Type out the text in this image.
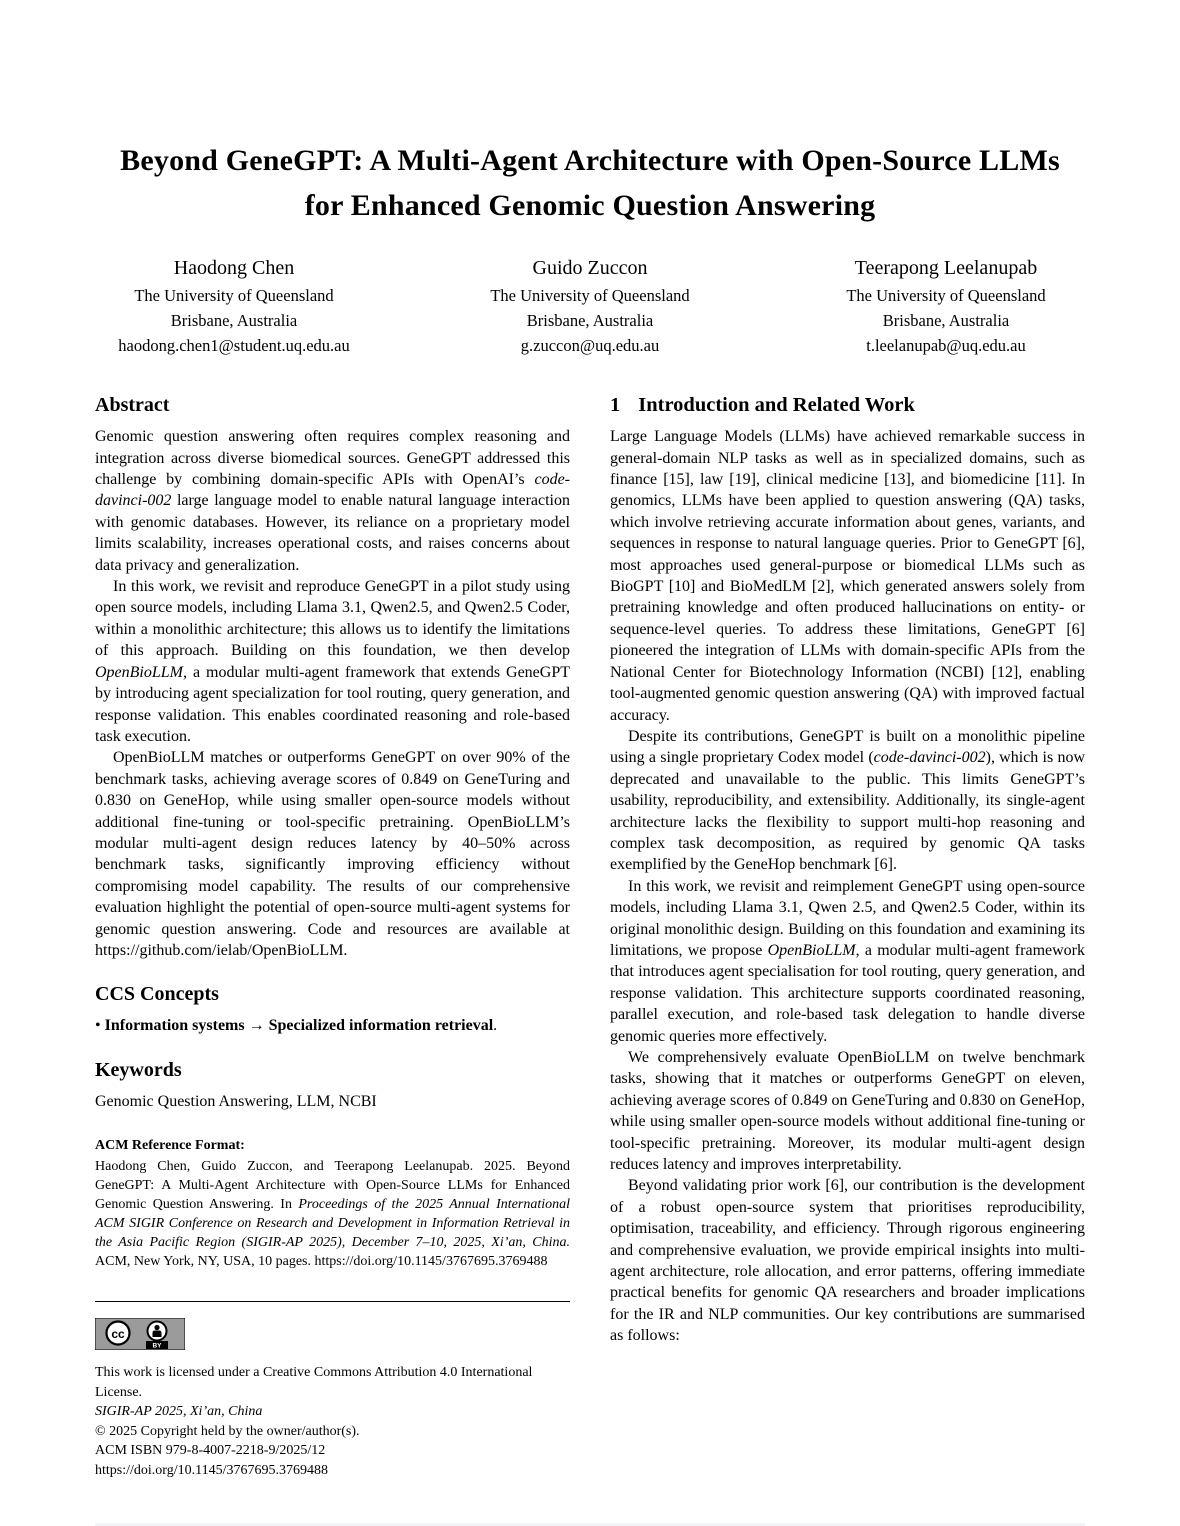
Beyond GeneGPT: A Multi-Agent Architecture with Open-Source LLMs for Enhanced Genomic Question Answering
Haodong Chen
The University of Queensland
Brisbane, Australia
haodong.chen1@student.uq.edu.au
Guido Zuccon
The University of Queensland
Brisbane, Australia
g.zuccon@uq.edu.au
Teerapong Leelanupab
The University of Queensland
Brisbane, Australia
t.leelanupab@uq.edu.au
Abstract

Genomic question answering often requires complex reasoning and integration across diverse biomedical sources. GeneGPT addressed this challenge by combining domain-specific APIs with OpenAI’s code-davinci-002 large language model to enable natural language interaction with genomic databases. However, its reliance on a proprietary model limits scalability, increases operational costs, and raises concerns about data privacy and generalization.

In this work, we revisit and reproduce GeneGPT in a pilot study using open source models, including Llama 3.1, Qwen2.5, and Qwen2.5 Coder, within a monolithic architecture; this allows us to identify the limitations of this approach. Building on this foundation, we then develop OpenBioLLM, a modular multi-agent framework that extends GeneGPT by introducing agent specialization for tool routing, query generation, and response validation. This enables coordinated reasoning and role-based task execution.

OpenBioLLM matches or outperforms GeneGPT on over 90% of the benchmark tasks, achieving average scores of 0.849 on GeneTuring and 0.830 on GeneHop, while using smaller open-source models without additional fine-tuning or tool-specific pretraining. OpenBioLLM’s modular multi-agent design reduces latency by 40–50% across benchmark tasks, significantly improving efficiency without compromising model capability. The results of our comprehensive evaluation highlight the potential of open-source multi-agent systems for genomic question answering. Code and resources are available at https://github.com/ielab/OpenBioLLM.

CCS Concepts

• Information systems → Specialized information retrieval.

Keywords

Genomic Question Answering, LLM, NCBI

ACM Reference Format:

Haodong Chen, Guido Zuccon, and Teerapong Leelanupab. 2025. Beyond GeneGPT: A Multi-Agent Architecture with Open-Source LLMs for Enhanced Genomic Question Answering. In Proceedings of the 2025 Annual International ACM SIGIR Conference on Research and Development in Information Retrieval in the Asia Pacific Region (SIGIR-AP 2025), December 7–10, 2025, Xi’an, China. ACM, New York, NY, USA, 10 pages. https://doi.org/10.1145/3767695.3769488

cc
BY
This work is licensed under a Creative Commons Attribution 4.0 International License.
SIGIR-AP 2025, Xi’an, China
© 2025 Copyright held by the owner/author(s).
ACM ISBN 979-8-4007-2218-9/2025/12
https://doi.org/10.1145/3767695.3769488
1 Introduction and Related Work

Large Language Models (LLMs) have achieved remarkable success in general-domain NLP tasks as well as in specialized domains, such as finance [15], law [19], clinical medicine [13], and biomedicine [11]. In genomics, LLMs have been applied to question answering (QA) tasks, which involve retrieving accurate information about genes, variants, and sequences in response to natural language queries. Prior to GeneGPT [6], most approaches used general-purpose or biomedical LLMs such as BioGPT [10] and BioMedLM [2], which generated answers solely from pretraining knowledge and often produced hallucinations on entity- or sequence-level queries. To address these limitations, GeneGPT [6] pioneered the integration of LLMs with domain-specific APIs from the National Center for Biotechnology Information (NCBI) [12], enabling tool-augmented genomic question answering (QA) with improved factual accuracy.

Despite its contributions, GeneGPT is built on a monolithic pipeline using a single proprietary Codex model (code-davinci-002), which is now deprecated and unavailable to the public. This limits GeneGPT’s usability, reproducibility, and extensibility. Additionally, its single-agent architecture lacks the flexibility to support multi-hop reasoning and complex task decomposition, as required by genomic QA tasks exemplified by the GeneHop benchmark [6].

In this work, we revisit and reimplement GeneGPT using open-source models, including Llama 3.1, Qwen 2.5, and Qwen2.5 Coder, within its original monolithic design. Building on this foundation and examining its limitations, we propose OpenBioLLM, a modular multi-agent framework that introduces agent specialisation for tool routing, query generation, and response validation. This architecture supports coordinated reasoning, parallel execution, and role-based task delegation to handle diverse genomic queries more effectively.

We comprehensively evaluate OpenBioLLM on twelve benchmark tasks, showing that it matches or outperforms GeneGPT on eleven, achieving average scores of 0.849 on GeneTuring and 0.830 on GeneHop, while using smaller open-source models without additional fine-tuning or tool-specific pretraining. Moreover, its modular multi-agent design reduces latency and improves interpretability.

Beyond validating prior work [6], our contribution is the development of a robust open-source system that prioritises reproducibility, optimisation, traceability, and efficiency. Through rigorous engineering and comprehensive evaluation, we provide empirical insights into multi-agent architecture, role allocation, and error patterns, offering immediate practical benefits for genomic QA researchers and broader implications for the IR and NLP communities. Our key contributions are summarised as follows:
